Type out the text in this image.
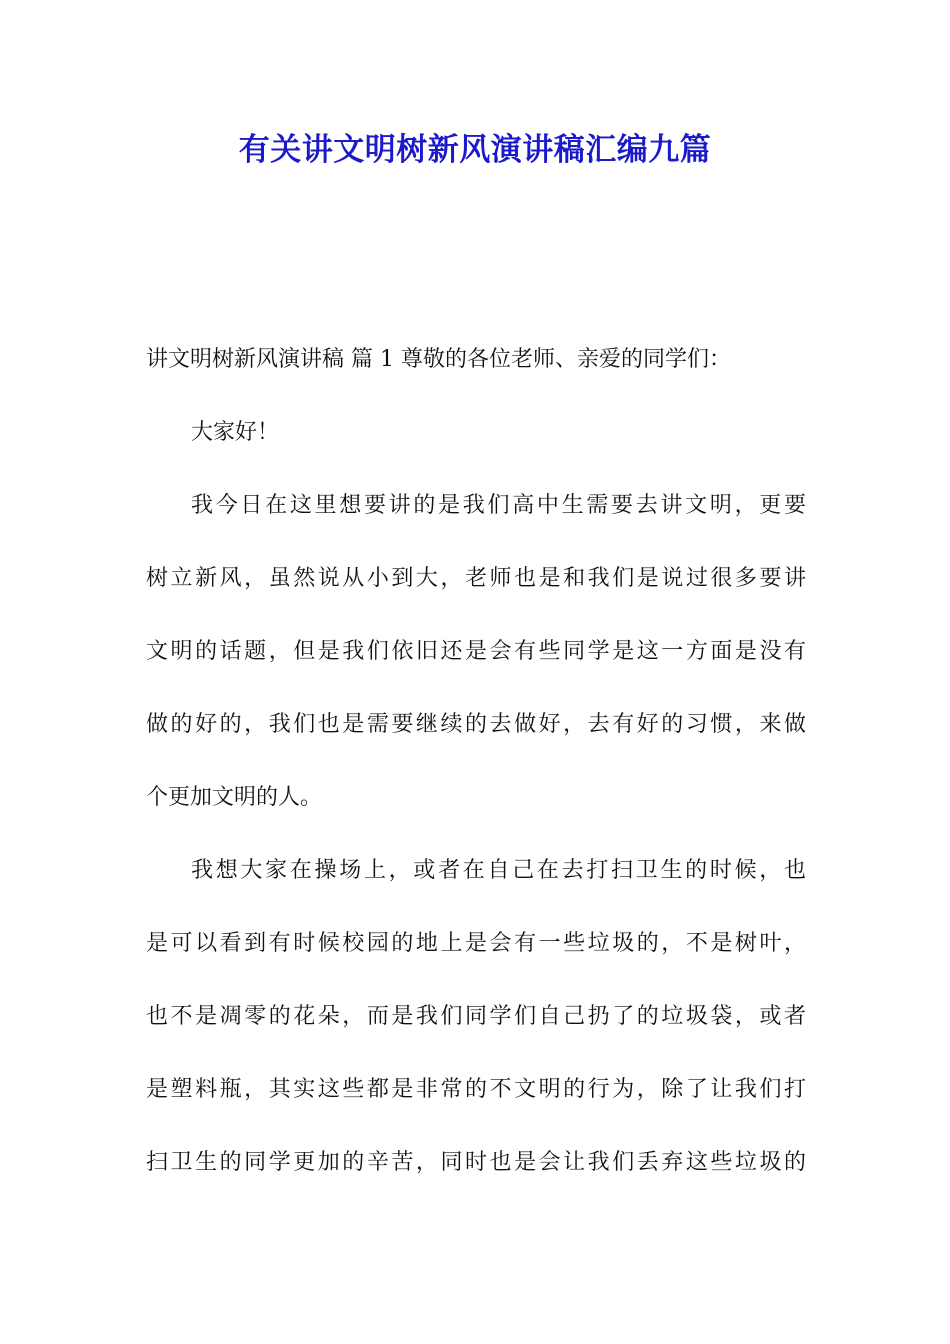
有关讲文明树新风演讲稿汇编九篇
讲文明树新风演讲稿 篇 1 尊敬的各位老师、亲爱的同学们：
大家好！
我今日在这里想要讲的是我们高中生需要去讲文明，更要
树立新风，虽然说从小到大，老师也是和我们是说过很多要讲
文明的话题，但是我们依旧还是会有些同学是这一方面是没有
做的好的，我们也是需要继续的去做好，去有好的习惯，来做
个更加文明的人。
我想大家在操场上，或者在自己在去打扫卫生的时候，也
是可以看到有时候校园的地上是会有一些垃圾的，不是树叶，
也不是凋零的花朵，而是我们同学们自己扔了的垃圾袋，或者
是塑料瓶，其实这些都是非常的不文明的行为，除了让我们打
扫卫生的同学更加的辛苦，同时也是会让我们丢弃这些垃圾的
